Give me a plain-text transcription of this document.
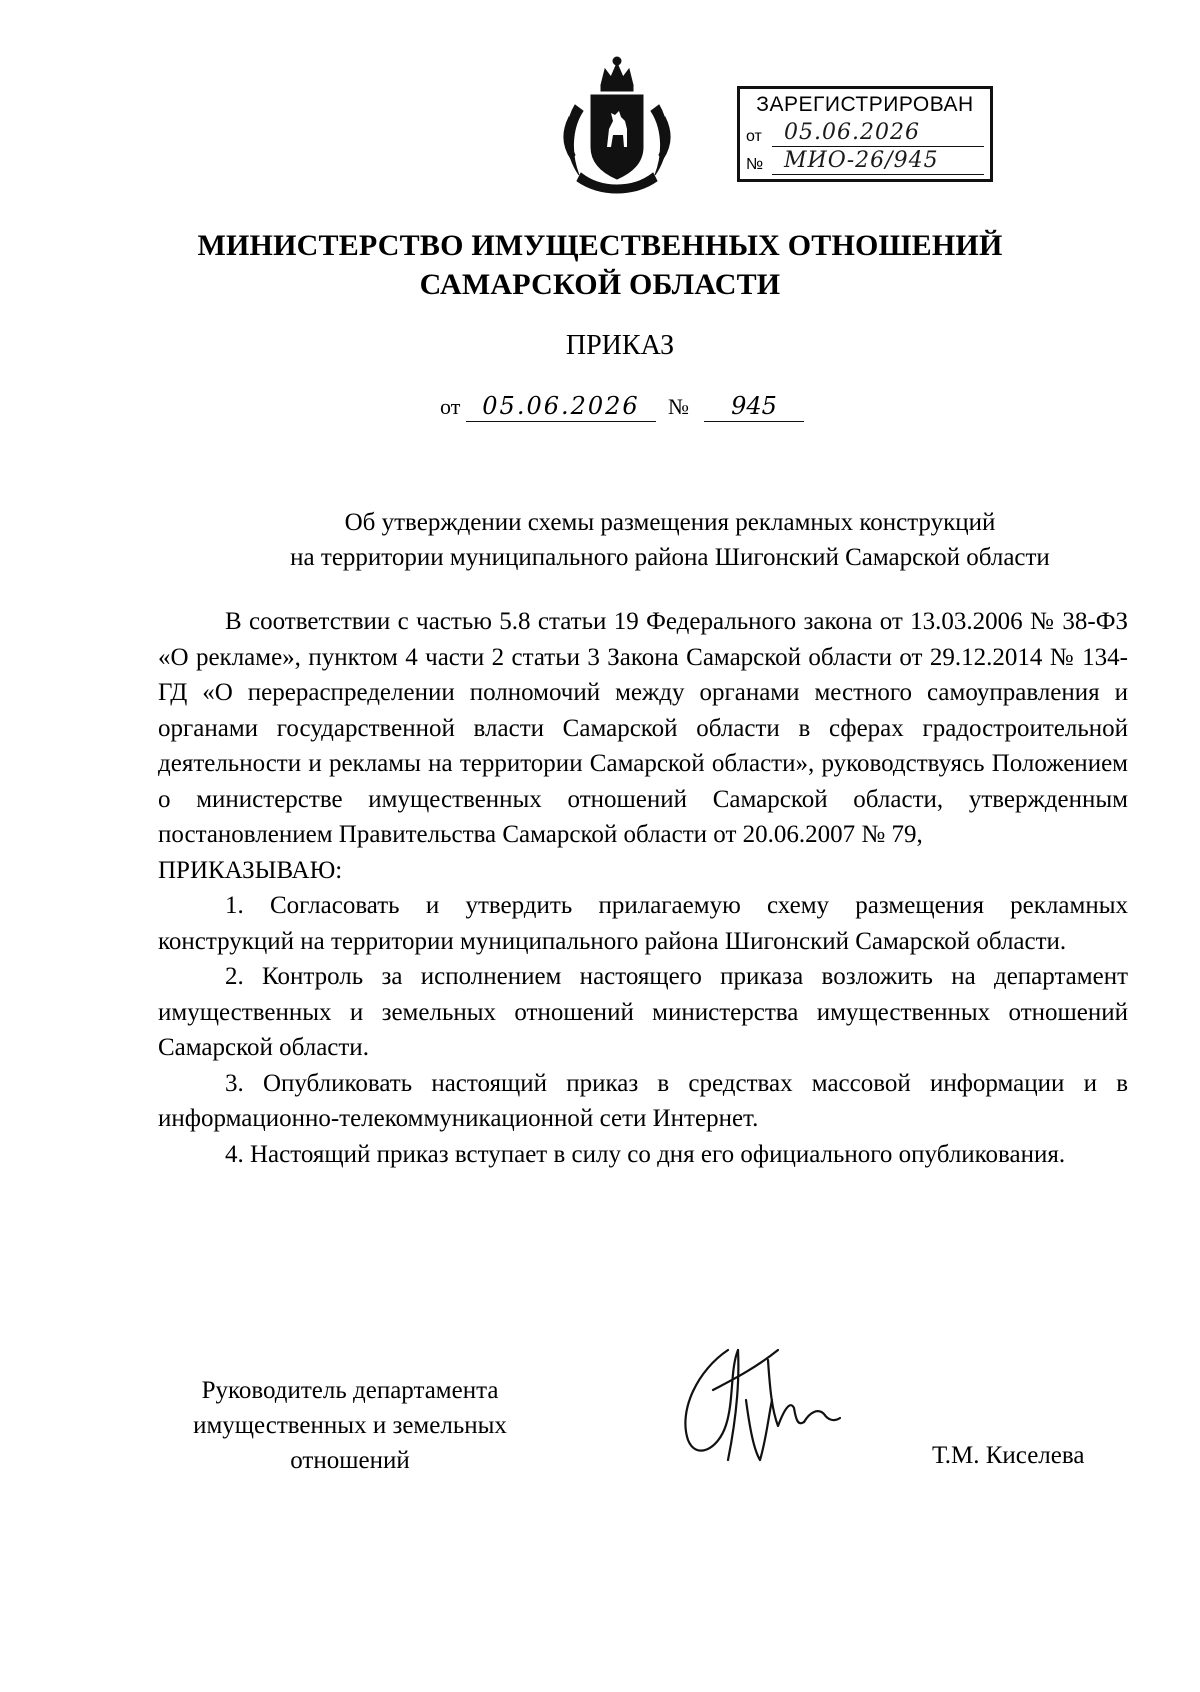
ЗАРЕГИСТРИРОВАН
от	05.06.2026
№ МИО-26/945
МИНИСТЕРСТВО ИМУЩЕСТВЕННЫХ ОТНОШЕНИЙ
САМАРСКОЙ ОБЛАСТИ
ПРИКАЗ
от 05.06.2026	№	945
Об утверждении схемы размещения рекламных конструкций
на территории муниципального района Шигонский Самарской области

В соответствии с частью 5.8 статьи 19 Федерального закона от 13.03.2006 № 38-ФЗ «О рекламе», пунктом 4 части 2 статьи 3 Закона Самарской области от 29.12.2014 № 134-ГД «О перераспределении полномочий между органами местного самоуправления и органами государственной власти Самарской области в сферах градостроительной деятельности и рекламы на территории Самарской области», руководствуясь Положением о министерстве имущественных отношений Самарской области, утвержденным постановлением Правительства Самарской области от 20.06.2007 № 79,

ПРИКАЗЫВАЮ:

1. Согласовать и утвердить прилагаемую схему размещения рекламных конструкций на территории муниципального района Шигонский Самарской области.

2. Контроль за исполнением настоящего приказа возложить на департамент имущественных и земельных отношений министерства имущественных отношений Самарской области.

3. Опубликовать настоящий приказ в средствах массовой информации и в информационно-телекоммуникационной сети Интернет.

4. Настоящий приказ вступает в силу со дня его официального опубликования.

Руководитель департамента
имущественных и земельных
отношений	Т.М. Киселева
